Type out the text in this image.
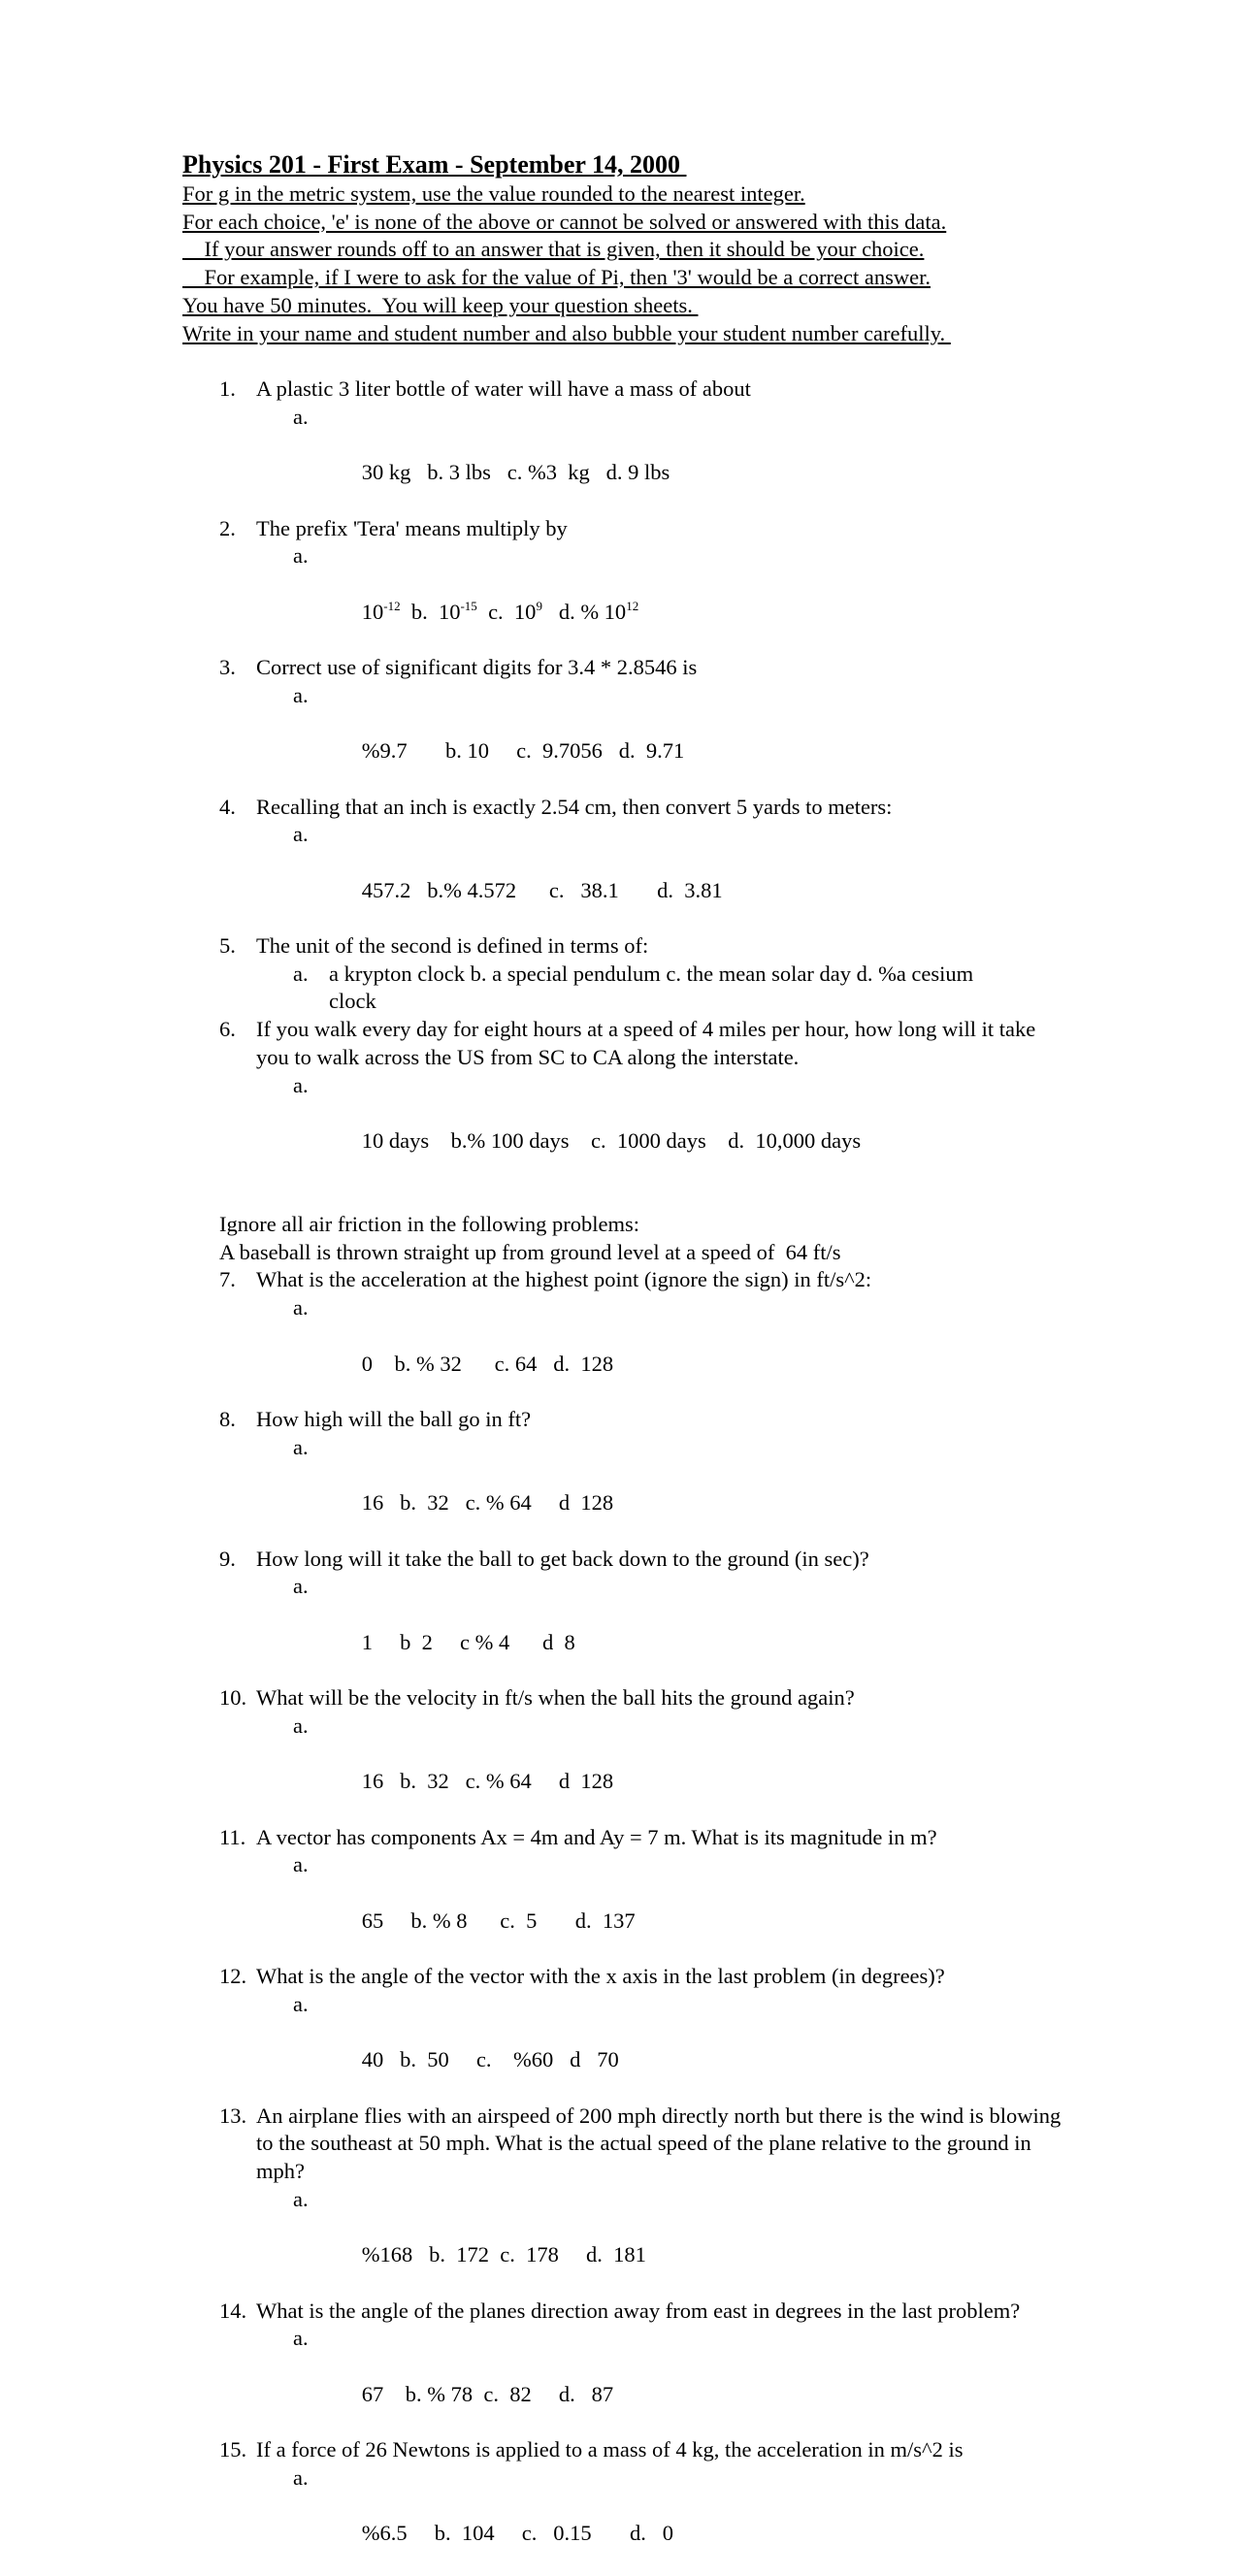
Physics 201 - First Exam - September 14, 2000
For g in the metric system, use the value rounded to the nearest integer.
For each choice, 'e' is none of the above or cannot be solved or answered with this data.
If your answer rounds off to an answer that is given, then it should be your choice.
For example, if I were to ask for the value of Pi, then '3' would be a correct answer.
You have 50 minutes.  You will keep your question sheets.
Write in your name and student number and also bubble your student number carefully.
1. A plastic 3 liter bottle of water will have a mass of about

a.

30 kg   b. 3 lbs   c. %3  kg   d. 9 lbs

2. The prefix 'Tera' means multiply by

a.

$10^{-12}$  b.  $10^{-15}$  c.  $10^9$   d. % $10^{12}$

3. Correct use of significant digits for 3.4 * 2.8546 is

a.

%9.7       b. 10     c.  9.7056   d.  9.71

4. Recalling that an inch is exactly 2.54 cm, then convert 5 yards to meters:

a.

457.2   b.% 4.572      c.   38.1       d.  3.81

5. The unit of the second is defined in terms of:
a. a krypton clock b. a special pendulum c. the mean solar day d. %a cesium clock
6. If you walk every day for eight hours at a speed of 4 miles per hour, how long will it take you to walk across the US from SC to CA along the interstate.

a.

10 days    b.% 100 days    c.  1000 days    d.  10,000 days

Ignore all air friction in the following problems:
A baseball is thrown straight up from ground level at a speed of  64 ft/s
7. What is the acceleration at the highest point (ignore the sign) in ft/s^2:

a.

0    b. % 32      c. 64   d.  128

8. How high will the ball go in ft?

a.

16   b.  32   c. % 64     d  128

9. How long will it take the ball to get back down to the ground (in sec)?

a.

1     b  2     c % 4      d  8

10. What will be the velocity in ft/s when the ball hits the ground again?

a.

16   b.  32   c. % 64     d  128

11. A vector has components Ax = 4m and Ay = 7 m. What is its magnitude in m?

a.

65     b. % 8      c.  5       d.  137

12. What is the angle of the vector with the x axis in the last problem (in degrees)?

a.

40   b.  50     c.    %60   d   70

13. An airplane flies with an airspeed of 200 mph directly north but there is the wind is blowing to the southeast at 50 mph. What is the actual speed of the plane relative to the ground in mph?

a.

%168   b.  172  c.  178     d.  181

14. What is the angle of the planes direction away from east in degrees in the last problem?

a.

67    b. % 78  c.  82     d.   87

15. If a force of 26 Newtons is applied to a mass of 4 kg, the acceleration in m/s^2 is

a.

%6.5     b.  104     c.   0.15       d.   0
